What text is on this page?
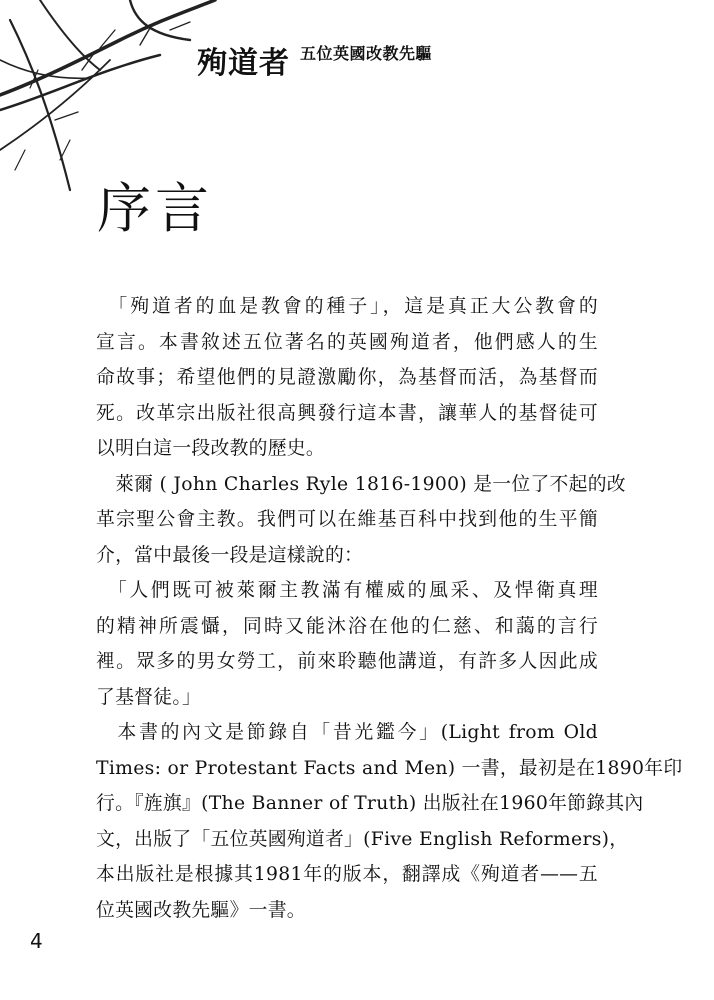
殉道者 五位英國改教先驅
序言
　「殉道者的血是教會的種子」，這是真正大公教會的
宣言。本書敘述五位著名的英國殉道者，他們感人的生
命故事；希望他們的見證激勵你，為基督而活，為基督而
死。改革宗出版社很高興發行這本書，讓華人的基督徒可
以明白這一段改教的歷史。
　萊爾 ( John Charles Ryle 1816-1900) 是一位了不起的改
革宗聖公會主教。我們可以在維基百科中找到他的生平簡
介，當中最後一段是這樣說的：
　「人們既可被萊爾主教滿有權威的風采、及悍衛真理
的精神所震懾，同時又能沐浴在他的仁慈、和藹的言行
裡。眾多的男女勞工，前來聆聽他講道，有許多人因此成
了基督徒。」
　本書的內文是節錄自「昔光鑑今」(Light from Old
Times: or Protestant Facts and Men) 一書，最初是在1890年印
行。『旌旗』(The Banner of Truth) 出版社在1960年節錄其內
文，出版了「五位英國殉道者」(Five English Reformers)，
本出版社是根據其1981年的版本，翻譯成《殉道者——五
位英國改教先驅》一書。
4
